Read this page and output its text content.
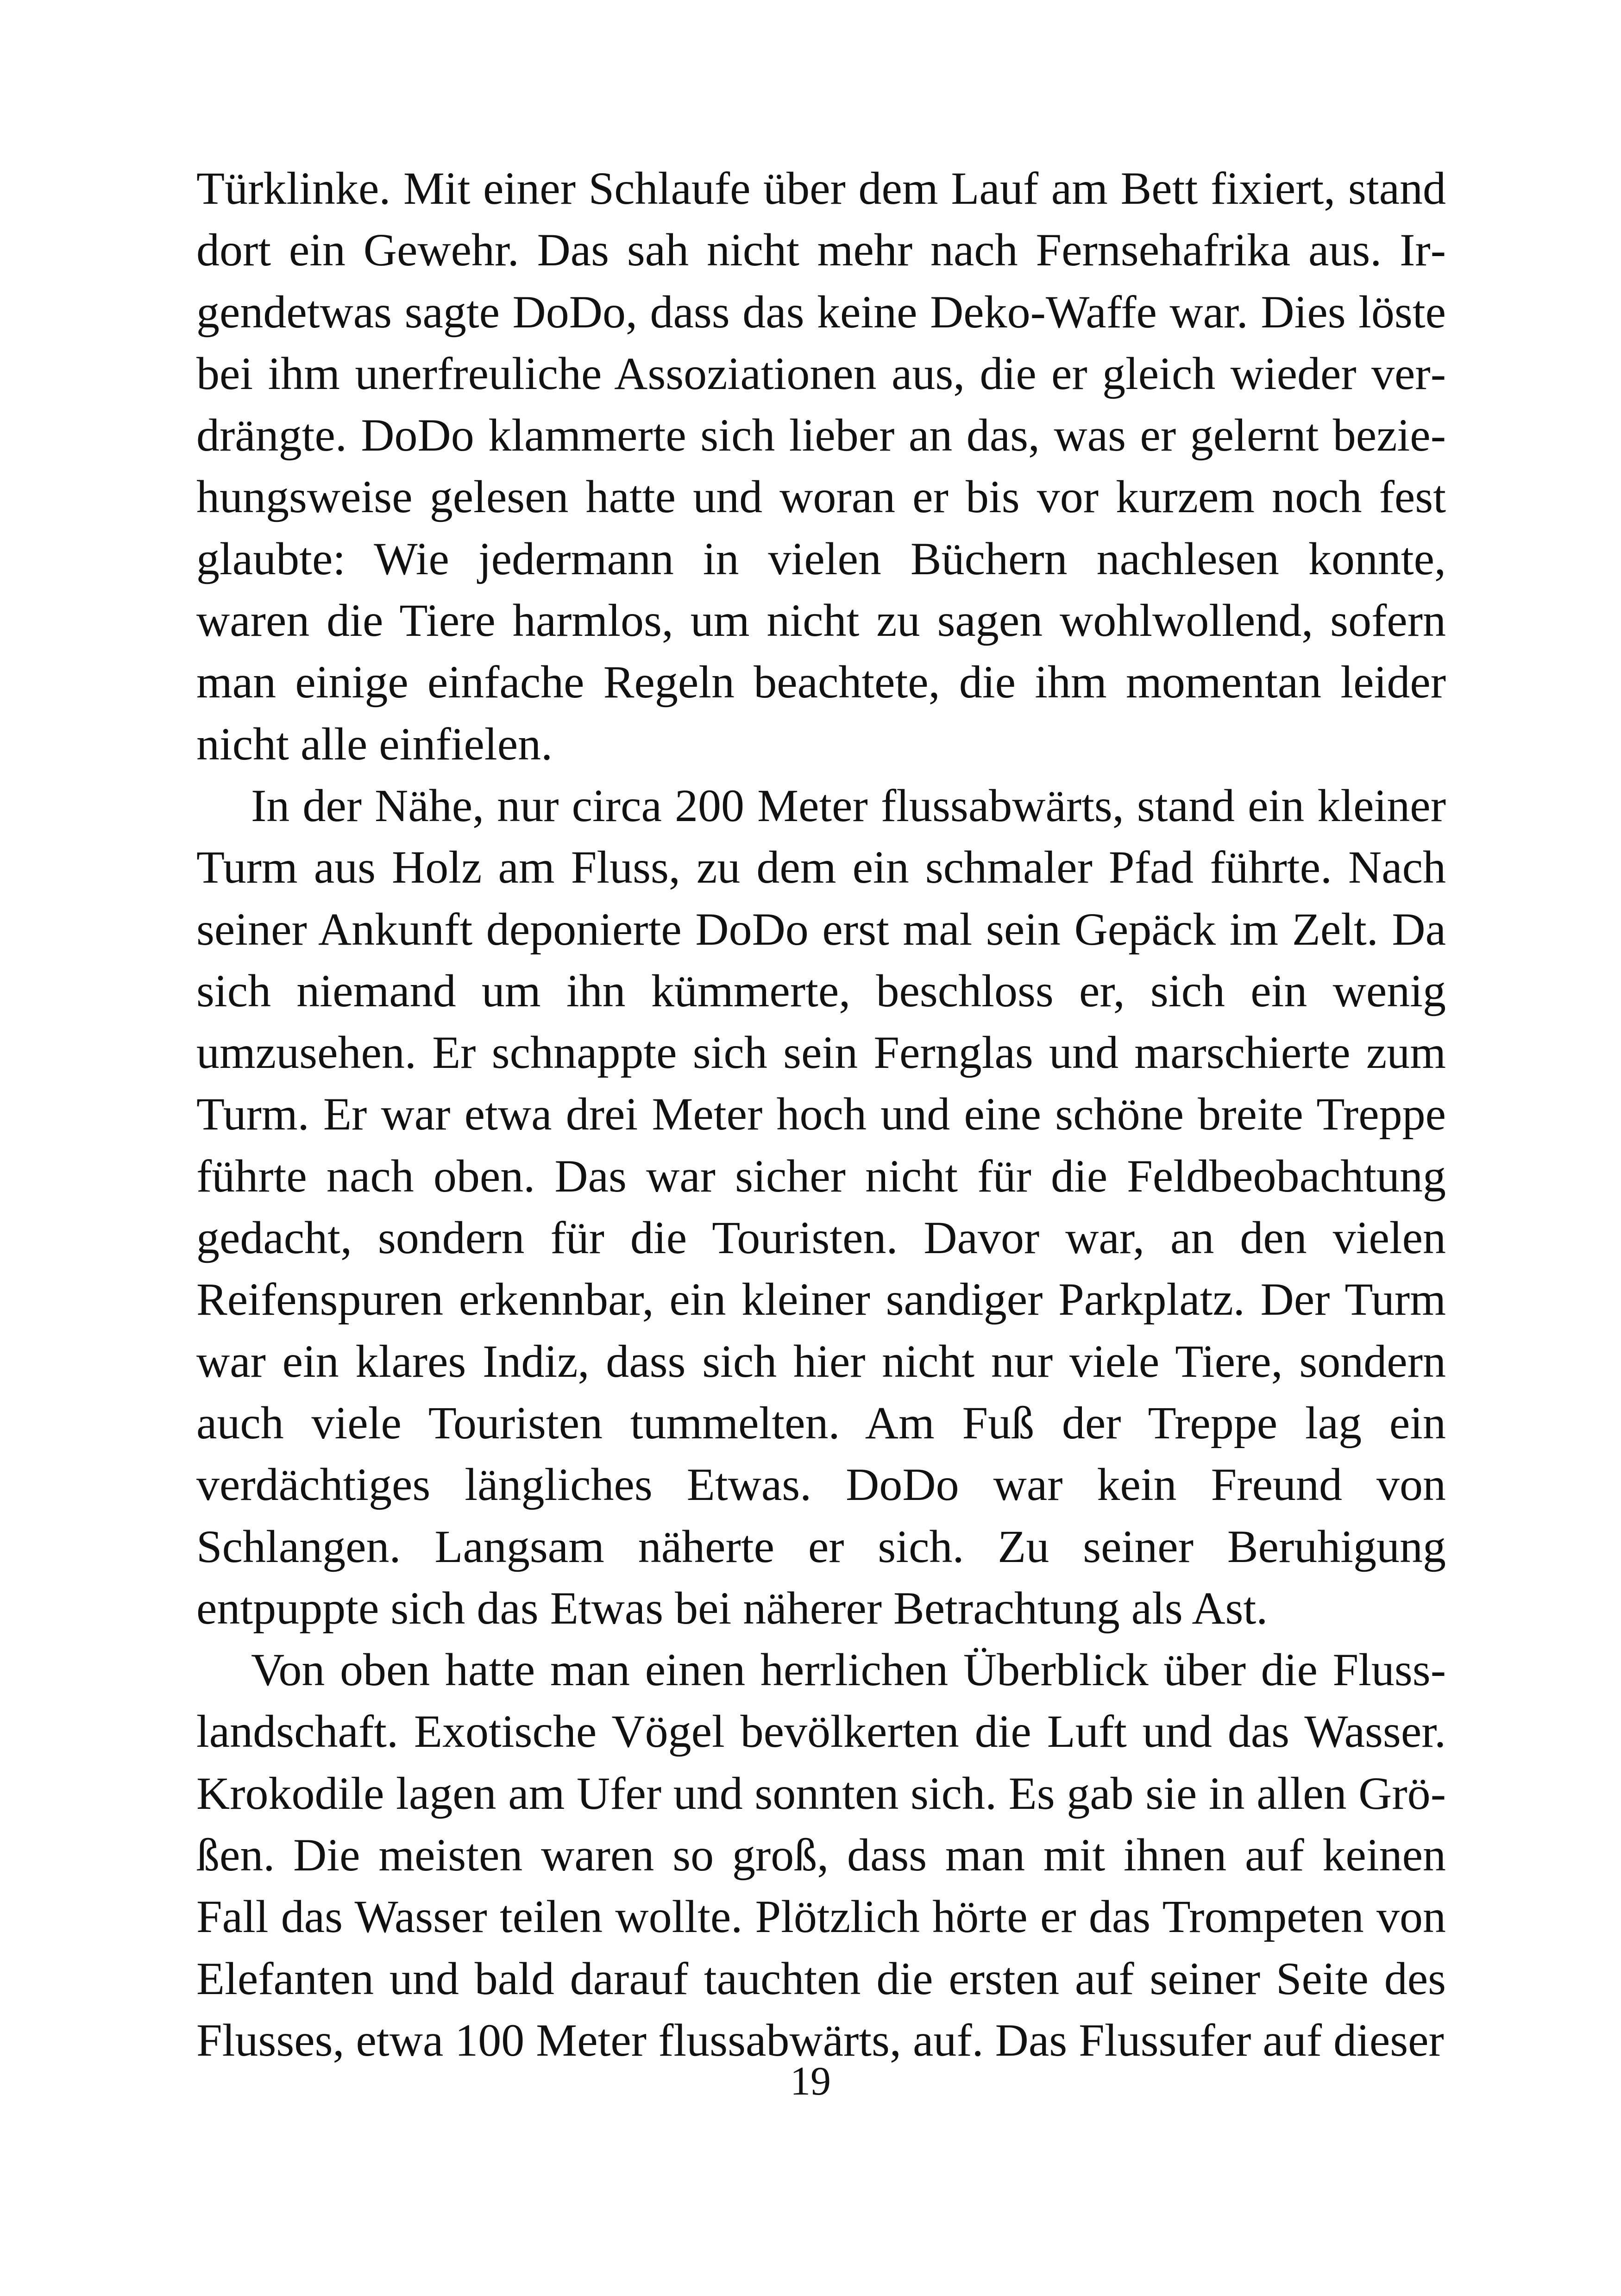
Türklinke. Mit einer Schlaufe über dem Lauf am Bett fixiert, stand dort ein Gewehr. Das sah nicht mehr nach Fernsehafrika aus. Irgendetwas sagte DoDo, dass das keine Deko-Waffe war. Dies löste bei ihm unerfreuliche Assoziationen aus, die er gleich wieder verdrängte. DoDo klammerte sich lieber an das, was er gelernt beziehungsweise gelesen hatte und woran er bis vor kurzem noch fest glaubte: Wie jedermann in vielen Büchern nachlesen konnte, waren die Tiere harmlos, um nicht zu sagen wohlwollend, sofern man einige einfache Regeln beachtete, die ihm momentan leider nicht alle einfielen.

In der Nähe, nur circa 200 Meter flussabwärts, stand ein kleiner Turm aus Holz am Fluss, zu dem ein schmaler Pfad führte. Nach seiner Ankunft deponierte DoDo erst mal sein Gepäck im Zelt. Da sich niemand um ihn kümmerte, beschloss er, sich ein wenig umzusehen. Er schnappte sich sein Fernglas und marschierte zum Turm. Er war etwa drei Meter hoch und eine schöne breite Treppe führte nach oben. Das war sicher nicht für die Feldbeobachtung gedacht, sondern für die Touristen. Davor war, an den vielen Reifenspuren erkennbar, ein kleiner sandiger Parkplatz. Der Turm war ein klares Indiz, dass sich hier nicht nur viele Tiere, sondern auch viele Touristen tummelten. Am Fuß der Treppe lag ein verdächtiges längliches Etwas. DoDo war kein Freund von Schlangen. Langsam näherte er sich. Zu seiner Beruhigung entpuppte sich das Etwas bei näherer Betrachtung als Ast.

Von oben hatte man einen herrlichen Überblick über die Flusslandschaft. Exotische Vögel bevölkerten die Luft und das Wasser. Krokodile lagen am Ufer und sonnten sich. Es gab sie in allen Größen. Die meisten waren so groß, dass man mit ihnen auf keinen Fall das Wasser teilen wollte. Plötzlich hörte er das Trompeten von Elefanten und bald darauf tauchten die ersten auf seiner Seite des Flusses, etwa 100 Meter flussabwärts, auf. Das Flussufer auf dieser

19
